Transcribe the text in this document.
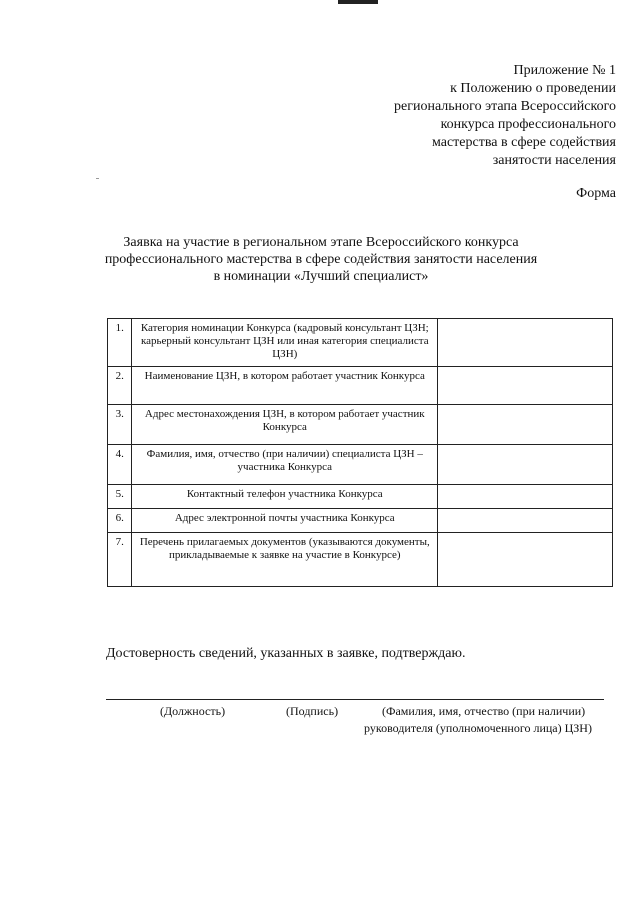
Приложение № 1
к Положению о проведении
регионального этапа Всероссийского
конкурса профессионального
мастерства в сфере содействия
занятости населения
Форма
Заявка на участие в региональном этапе Всероссийского конкурса
профессионального мастерства в сфере содействия занятости населения
в номинации «Лучший специалист»
1.	Категория номинации Конкурса (кадровый консультант ЦЗН; карьерный консультант ЦЗН или иная категория специалиста ЦЗН)	
2.	Наименование ЦЗН, в котором работает участник Конкурса	
3.	Адрес местонахождения ЦЗН, в котором работает участник Конкурса	
4.	Фамилия, имя, отчество (при наличии) специалиста ЦЗН – участника Конкурса	
5.	Контактный телефон участника Конкурса	
6.	Адрес электронной почты участника Конкурса	
7.	Перечень прилагаемых документов (указываются документы, прикладываемые к заявке на участие в Конкурсе)	
Достоверность сведений, указанных в заявке, подтверждаю.
(Должность)	(Подпись)	(Фамилия, имя, отчество (при наличии)
руководителя (уполномоченного лица) ЦЗН)
